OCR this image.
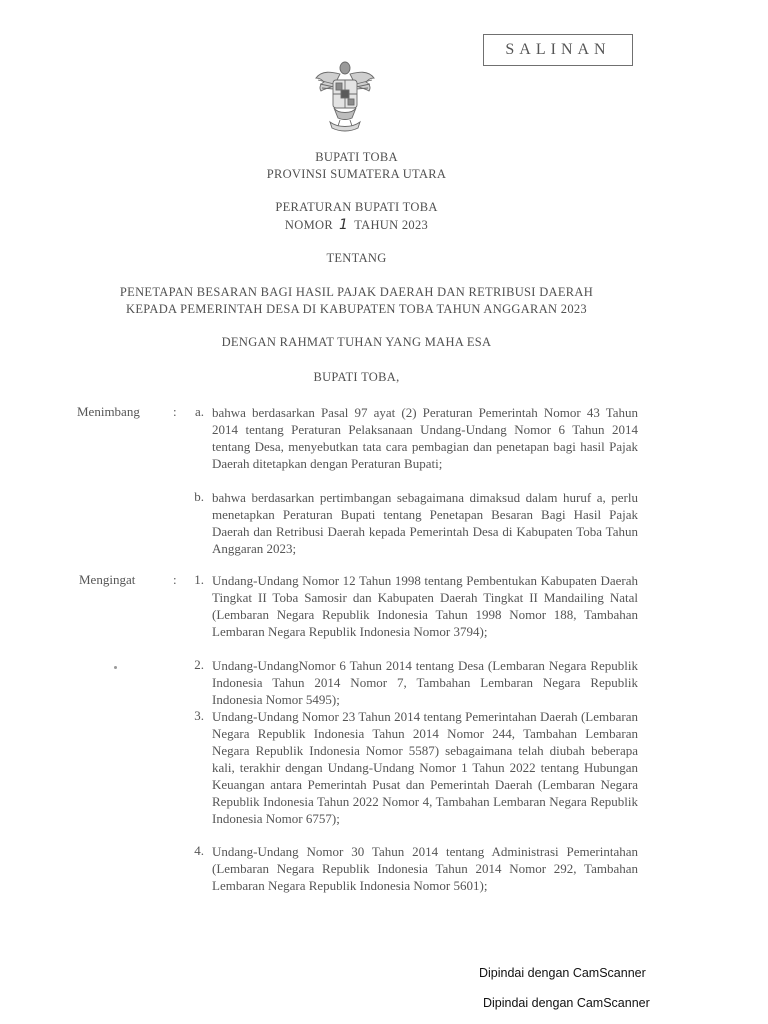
SALINAN
BUPATI TOBA
PROVINSI SUMATERA UTARA
PERATURAN BUPATI TOBA
NOMOR 1 TAHUN 2023
TENTANG
PENETAPAN BESARAN BAGI HASIL PAJAK DAERAH DAN RETRIBUSI DAERAH
KEPADA PEMERINTAH DESA DI KABUPATEN TOBA TAHUN ANGGARAN 2023
DENGAN RAHMAT TUHAN YANG MAHA ESA
BUPATI TOBA,
Menimbang	:	a. bahwa berdasarkan Pasal 97 ayat (2) Peraturan Pemerintah Nomor 43 Tahun 2014 tentang Peraturan Pelaksanaan Undang-Undang Nomor 6 Tahun 2014 tentang Desa, menyebutkan tata cara pembagian dan penetapan bagi hasil Pajak Daerah ditetapkan dengan Peraturan Bupati;
b. bahwa berdasarkan pertimbangan sebagaimana dimaksud dalam huruf a, perlu menetapkan Peraturan Bupati tentang Penetapan Besaran Bagi Hasil Pajak Daerah dan Retribusi Daerah kepada Pemerintah Desa di Kabupaten Toba Tahun Anggaran 2023;
Mengingat	:	1. Undang-Undang Nomor 12 Tahun 1998 tentang Pembentukan Kabupaten Daerah Tingkat II Toba Samosir dan Kabupaten Daerah Tingkat II Mandailing Natal (Lembaran Negara Republik Indonesia Tahun 1998 Nomor 188, Tambahan Lembaran Negara Republik Indonesia Nomor 3794);
2. Undang-UndangNomor 6 Tahun 2014 tentang Desa (Lembaran Negara Republik Indonesia Tahun 2014 Nomor 7, Tambahan Lembaran Negara Republik Indonesia Nomor 5495);
3. Undang-Undang Nomor 23 Tahun 2014 tentang Pemerintahan Daerah (Lembaran Negara Republik Indonesia Tahun 2014 Nomor 244, Tambahan Lembaran Negara Republik Indonesia Nomor 5587) sebagaimana telah diubah beberapa kali, terakhir dengan Undang-Undang Nomor 1 Tahun 2022 tentang Hubungan Keuangan antara Pemerintah Pusat dan Pemerintah Daerah (Lembaran Negara Republik Indonesia Tahun 2022 Nomor 4, Tambahan Lembaran Negara Republik Indonesia Nomor 6757);
4. Undang-Undang Nomor 30 Tahun 2014 tentang Administrasi Pemerintahan (Lembaran Negara Republik Indonesia Tahun 2014 Nomor 292, Tambahan Lembaran Negara Republik Indonesia Nomor 5601);
Dipindai dengan CamScanner
Dipindai dengan CamScanner
